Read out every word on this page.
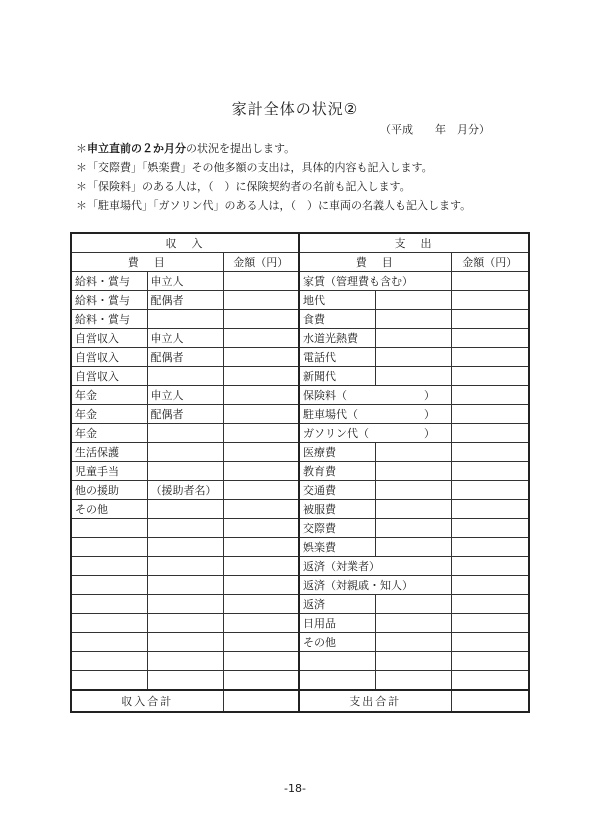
家計全体の状況②
（平成　　年　月分）
＊申立直前の２か月分の状況を提出します。
＊「交際費」「娯楽費」その他多額の支出は，具体的内容も記入します。
＊「保険料」のある人は，（　）に保険契約者の名前も記入します。
＊「駐車場代」「ガソリン代」のある人は，（　）に車両の名義人も記入します。
収　入			支　出		
費　目		金額（円）	費　目		金額（円）
給料・賞与	申立人		家賃（管理費も含む）		
給料・賞与	配偶者		地代		
給料・賞与			食費		
自営収入	申立人		水道光熱費		
自営収入	配偶者		電話代		
自営収入			新聞代		
年金	申立人		保険料（　　　　　　　）		
年金	配偶者		駐車場代（　　　　　　）		
年金			ガソリン代（　　　　　）		
生活保護			医療費		
児童手当			教育費		
他の援助	（援助者名）		交通費		
その他			被服費		
			交際費		
			娯楽費		
			返済（対業者）		
			返済（対親戚・知人）		
			返済		
			日用品		
			その他		

収入合計			支出合計		
-18-
